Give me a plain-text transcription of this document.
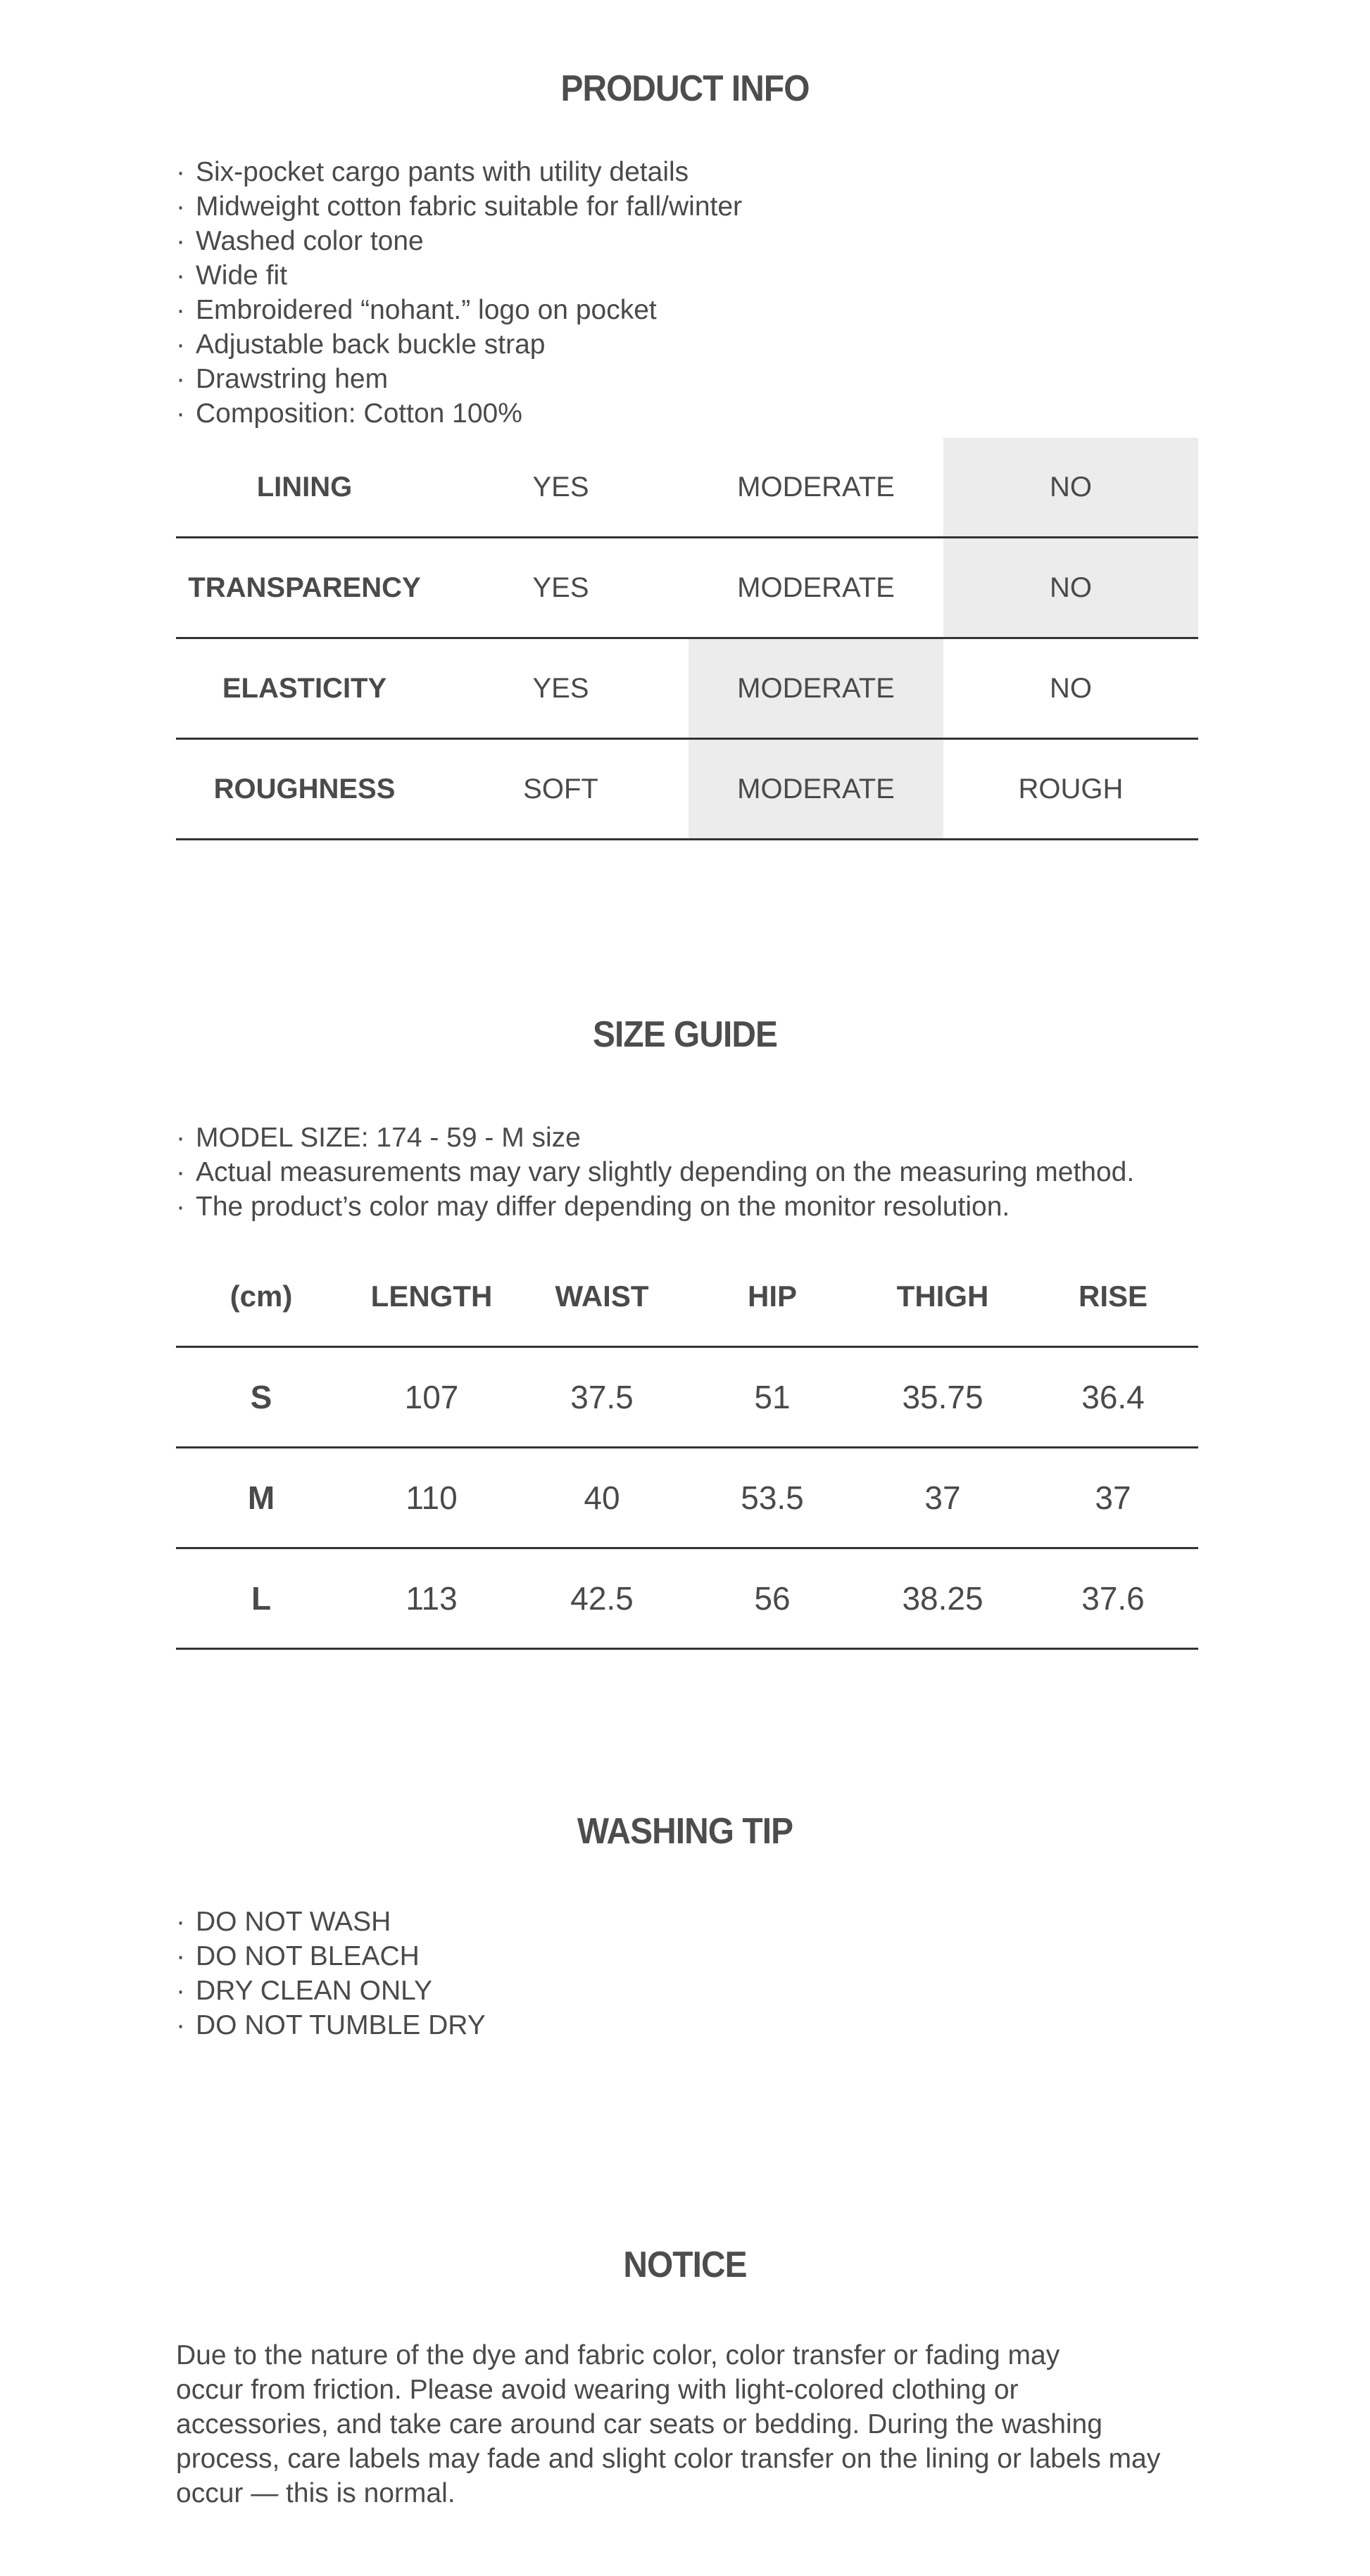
PRODUCT INFO
· Six-pocket cargo pants with utility details
· Midweight cotton fabric suitable for fall/winter
· Washed color tone
· Wide fit
· Embroidered “nohant.” logo on pocket
· Adjustable back buckle strap
· Drawstring hem
· Composition: Cotton 100%
LINING	YES	MODERATE	NO
TRANSPARENCY	YES	MODERATE	NO
ELASTICITY	YES	MODERATE	NO
ROUGHNESS	SOFT	MODERATE	ROUGH
SIZE GUIDE
· MODEL SIZE: 174 - 59 - M size
· Actual measurements may vary slightly depending on the measuring method.
· The product’s color may differ depending on the monitor resolution.
(cm)	LENGTH	WAIST	HIP	THIGH	RISE
S	107	37.5	51	35.75	36.4
M	110	40	53.5	37	37
L	113	42.5	56	38.25	37.6
WASHING TIP
· DO NOT WASH
· DO NOT BLEACH
· DRY CLEAN ONLY
· DO NOT TUMBLE DRY
NOTICE

Due to the nature of the dye and fabric color, color transfer or fading may
occur from friction. Please avoid wearing with light-colored clothing or
accessories, and take care around car seats or bedding. During the washing
process, care labels may fade and slight color transfer on the lining or labels may
occur — this is normal.
